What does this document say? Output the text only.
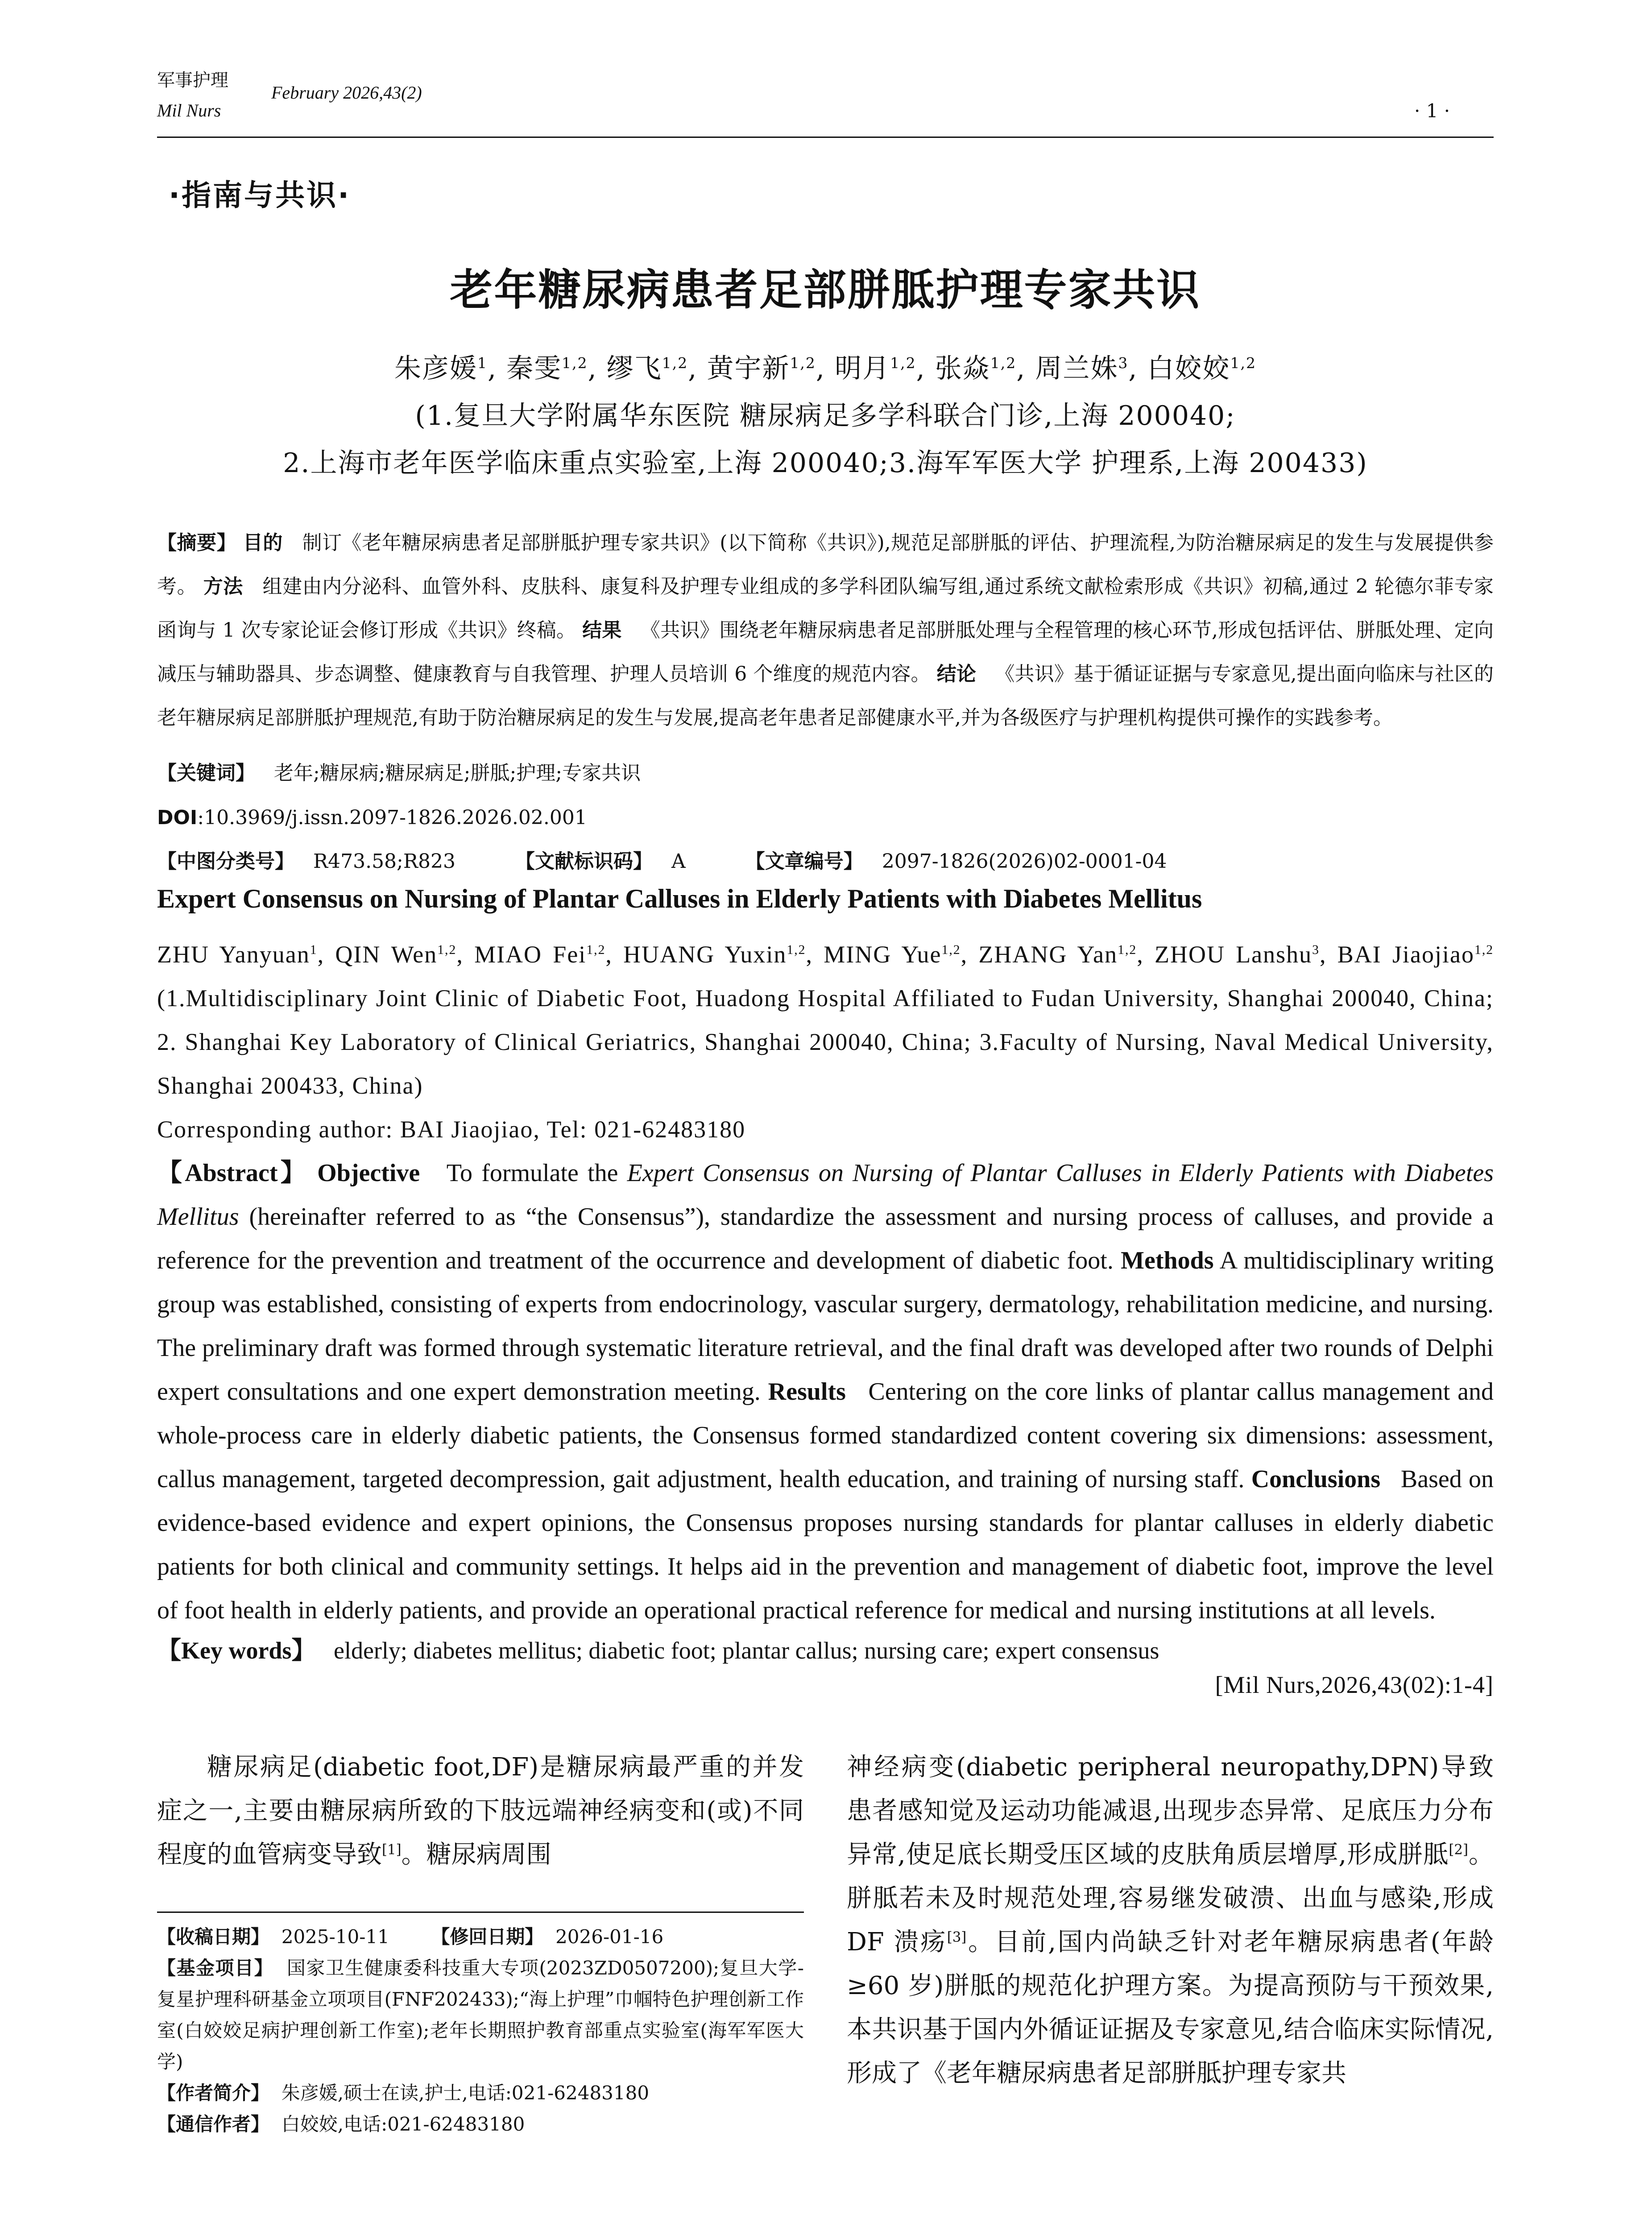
军事护理
Mil Nurs
February 2026,43(2)
· 1 ·
·指南与共识·
老年糖尿病患者足部胼胝护理专家共识
朱彦媛$^1$, 秦雯$^{1,2}$, 缪飞$^{1,2}$, 黄宇新$^{1,2}$, 明月$^{1,2}$, 张焱$^{1,2}$, 周兰姝$^3$, 白姣姣$^{1,2}$
(1.复旦大学附属华东医院 糖尿病足多学科联合门诊,上海 200040;
2.上海市老年医学临床重点实验室,上海 200040;3.海军军医大学 护理系,上海 200433)

【摘要】 目的 制订《老年糖尿病患者足部胼胝护理专家共识》(以下简称《共识》),规范足部胼胝的评估、护理流程,为防治糖尿病足的发生与发展提供参考。 方法 组建由内分泌科、血管外科、皮肤科、康复科及护理专业组成的多学科团队编写组,通过系统文献检索形成《共识》初稿,通过 2 轮德尔菲专家函询与 1 次专家论证会修订形成《共识》终稿。 结果 《共识》围绕老年糖尿病患者足部胼胝处理与全程管理的核心环节,形成包括评估、胼胝处理、定向减压与辅助器具、步态调整、健康教育与自我管理、护理人员培训 6 个维度的规范内容。 结论 《共识》基于循证证据与专家意见,提出面向临床与社区的老年糖尿病足部胼胝护理规范,有助于防治糖尿病足的发生与发展,提高老年患者足部健康水平,并为各级医疗与护理机构提供可操作的实践参考。

【关键词】 老年;糖尿病;糖尿病足;胼胝;护理;专家共识

DOI:10.3969/j.issn.2097-1826.2026.02.001

【中图分类号】 R473.58;R823	【文献标识码】 A	【文章编号】 2097-1826(2026)02-0001-04

Expert Consensus on Nursing of Plantar Calluses in Elderly Patients with Diabetes Mellitus

ZHU Yanyuan$^1$, QIN Wen$^{1,2}$, MIAO Fei$^{1,2}$, HUANG Yuxin$^{1,2}$, MING Yue$^{1,2}$, ZHANG Yan$^{1,2}$, ZHOU Lanshu$^3$, BAI Jiaojiao$^{1,2}$ (1.Multidisciplinary Joint Clinic of Diabetic Foot, Huadong Hospital Affiliated to Fudan University, Shanghai 200040, China; 2. Shanghai Key Laboratory of Clinical Geriatrics, Shanghai 200040, China; 3.Faculty of Nursing, Naval Medical University, Shanghai 200433, China)

Corresponding author: BAI Jiaojiao, Tel: 021-62483180

【Abstract】 Objective To formulate the Expert Consensus on Nursing of Plantar Calluses in Elderly Patients with Diabetes Mellitus (hereinafter referred to as “the Consensus”), standardize the assessment and nursing process of calluses, and provide a reference for the prevention and treatment of the occurrence and development of diabetic foot. Methods A multidisciplinary writing group was established, consisting of experts from endocrinology, vascular surgery, dermatology, rehabilitation medicine, and nursing. The preliminary draft was formed through systematic literature retrieval, and the final draft was developed after two rounds of Delphi expert consultations and one expert demonstration meeting. Results Centering on the core links of plantar callus management and whole-process care in elderly diabetic patients, the Consensus formed standardized content covering six dimensions: assessment, callus management, targeted decompression, gait adjustment, health education, and training of nursing staff. Conclusions Based on evidence-based evidence and expert opinions, the Consensus proposes nursing standards for plantar calluses in elderly diabetic patients for both clinical and community settings. It helps aid in the prevention and management of diabetic foot, improve the level of foot health in elderly patients, and provide an operational practical reference for medical and nursing institutions at all levels.

【Key words】 elderly; diabetes mellitus; diabetic foot; plantar callus; nursing care; expert consensus

[Mil Nurs,2026,43(02):1-4]

糖尿病足(diabetic foot,DF)是糖尿病最严重的并发症之一,主要由糖尿病所致的下肢远端神经病变和(或)不同程度的血管病变导致[1]。糖尿病周围

神经病变(diabetic peripheral neuropathy,DPN)导致患者感知觉及运动功能减退,出现步态异常、足底压力分布异常,使足底长期受压区域的皮肤角质层增厚,形成胼胝[2]。胼胝若未及时规范处理,容易继发破溃、出血与感染,形成 DF 溃疡[3]。目前,国内尚缺乏针对老年糖尿病患者(年龄≥60 岁)胼胝的规范化护理方案。为提高预防与干预效果,本共识基于国内外循证证据及专家意见,结合临床实际情况,形成了《老年糖尿病患者足部胼胝护理专家共

【收稿日期】 2025-10-11 【修回日期】 2026-01-16

【基金项目】 国家卫生健康委科技重大专项(2023ZD0507200);复旦大学-复星护理科研基金立项项目(FNF202433);“海上护理”巾帼特色护理创新工作室(白姣姣足病护理创新工作室);老年长期照护教育部重点实验室(海军军医大学)

【作者简介】 朱彦媛,硕士在读,护士,电话:021-62483180

【通信作者】 白姣姣,电话:021-62483180
